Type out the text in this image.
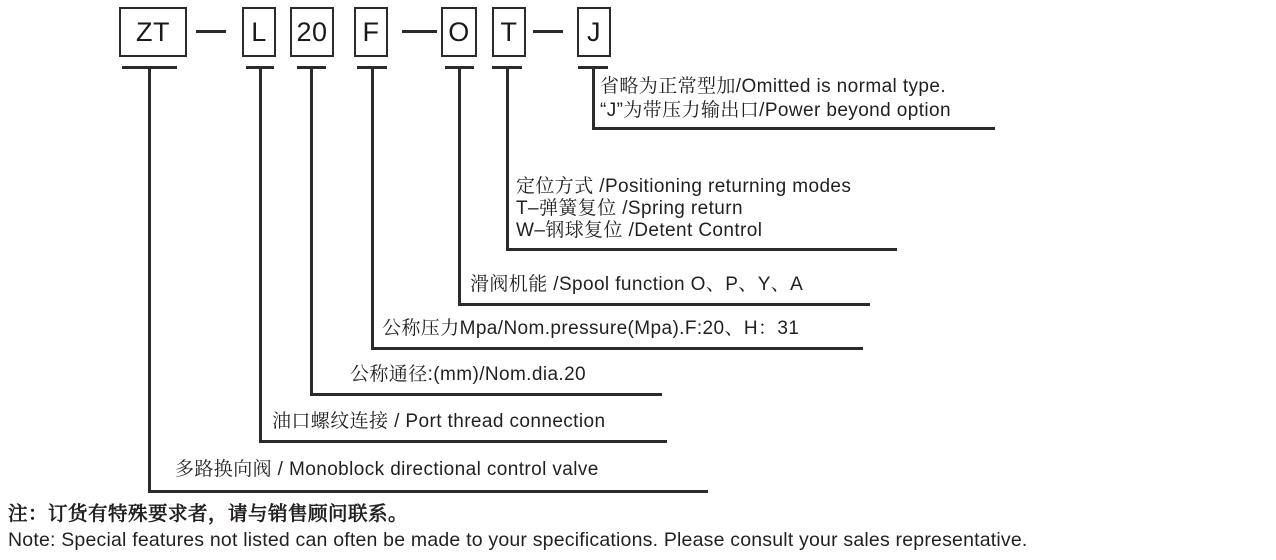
ZT	L 20 F	O T	J
省略为正常型加/Omitted is normal type.
“J”为带压力输出口/Power beyond option
定位方式 /Positioning returning modes
T–弹簧复位 /Spring return
W–钢球复位 /Detent Control
滑阀机能 /Spool function O、P、Y、A
公称压力Mpa/Nom.pressure(Mpa).F:20、H：31
公称通径:(mm)/Nom.dia.20
油口螺纹连接 / Port thread connection
多路换向阀 / Monoblock directional control valve
注：订货有特殊要求者，请与销售顾问联系。
Note: Special features not listed can often be made to your specifications. Please consult your sales representative.
